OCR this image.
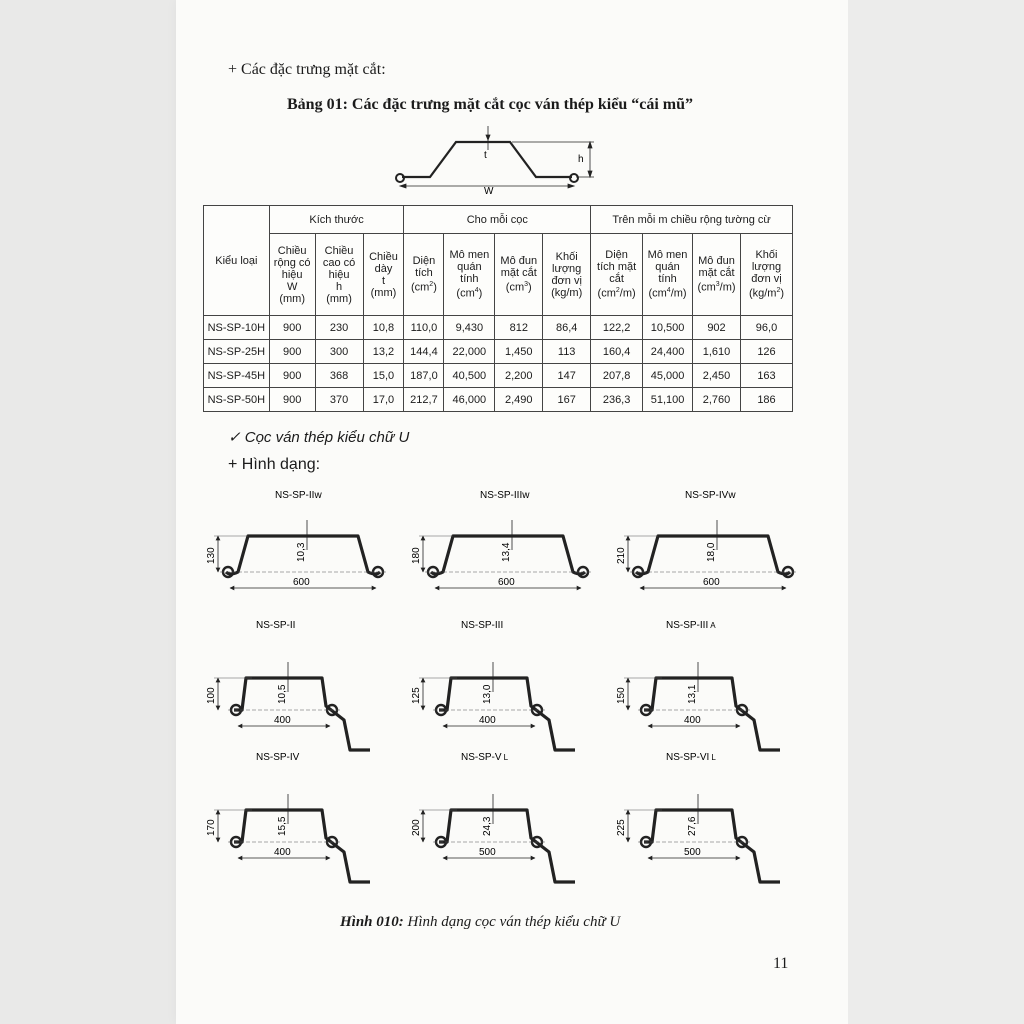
+ Các đặc trưng mặt cắt:
Bảng 01: Các đặc trưng mặt cắt cọc ván thép kiểu “cái mũ”
t	h
W
Kiểu loại	Kích thước			Cho mỗi cọc				Trên mỗi m chiều rộng tường cừ			
	Chiều
rộng có
hiệu
W
(mm)	Chiều
cao có
hiệu
h
(mm)	Chiều
dày
t
(mm)	Diện
tích
$(cm^2)$	Mô men
quán
tính
$(cm^4)$	Mô đun
mặt cắt
$(cm^3)$	Khối
lượng
đơn vị
(kg/m)	Diện
tích mặt
cắt
$(cm^2/m)$	Mô men
quán
tính
$(cm^4/m)$	Mô đun
mặt cắt
$(cm^3/m)$	Khối
lượng
đơn vị
$(kg/m^2)$
NS-SP-10H	900	230	10,8	110,0	9,430	812	86,4	122,2	10,500	902	96,0
NS-SP-25H	900	300	13,2	144,4	22,000	1,450	113	160,4	24,400	1,610	126
NS-SP-45H	900	368	15,0	187,0	40,500	2,200	147	207,8	45,000	2,450	163
NS-SP-50H	900	370	17,0	212,7	46,000	2,490	167	236,3	51,100	2,760	186
✓ Cọc ván thép kiểu chữ U
+ Hình dạng:
600
130	10,3
NS-SP-IIw
600
180	13,4
NS-SP-IIIw
600
210	18,0
NS-SP-IVw
400
100	10,5
NS-SP-II
400
125	13,0
NS-SP-III
400
150	13,1
NS-SP-III A
400
170	15,5
NS-SP-IV
500
200	24,3
NS-SP-V L
500
225	27,6
NS-SP-VI L
Hình 010: Hình dạng cọc ván thép kiểu chữ U
11
